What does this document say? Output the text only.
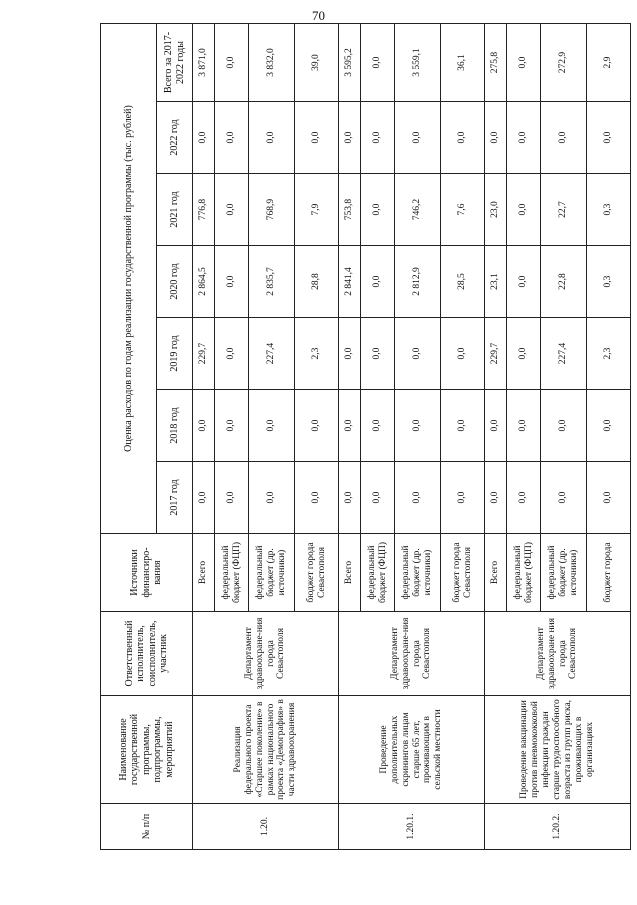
70
№ п/п	Наименование государственной программы, подпрограммы, мероприятий	Ответственный исполнитель, соисполнитель, участник	Источники финансиро-вания	Оценка расходов по годам реализации государственной программы (тыс. рублей)						
				2017 год	2018 год	2019 год	2020 год	2021 год	2022 год	Всего за 2017-2022 годы
1.20.	Реализация федерального проекта «Старшее поколение» в рамках национального проекта «Демография» в части здравоохранения	Департамент здравоохране-ния города Севастополя	Всего	0,0	0,0	229,7	2 864,5	776,8	0,0	3 871,0
			федеральный бюджет (ФЦП)	0,0	0,0	0,0	0,0	0,0	0,0	0,0
			федеральный бюджет (др. источники)	0,0	0,0	227,4	2 835,7	768,9	0,0	3 832,0
			бюджет города Севастополя	0,0	0,0	2,3	28,8	7,9	0,0	39,0
1.20.1.	Проведение дополнительных скринингов лицам старше 65 лет, проживающим в сельской местности	Департамент здравоохране-ния города Севастополя	Всего	0,0	0,0	0,0	2 841,4	753,8	0,0	3 595,2
			федеральный бюджет (ФЦП)	0,0	0,0	0,0	0,0	0,0	0,0	0,0
			федеральный бюджет (др. источники)	0,0	0,0	0,0	2 812,9	746,2	0,0	3 559,1
			бюджет города Севастополя	0,0	0,0	0,0	28,5	7,6	0,0	36,1
1.20.2.	Проведение вакцинации против пневмококковой инфекции граждан старше трудоспособного возраста из групп риска, проживающих в организациях	Департамент здравоохране ния города Севастополя	Всего	0,0	0,0	229,7	23,1	23,0	0,0	275,8
			федеральный бюджет (ФЦП)	0,0	0,0	0,0	0,0	0,0	0,0	0,0
			федеральный бюджет (др. источники)	0,0	0,0	227,4	22,8	22,7	0,0	272,9
			бюджет города	0,0	0,0	2,3	0,3	0,3	0,0	2,9
